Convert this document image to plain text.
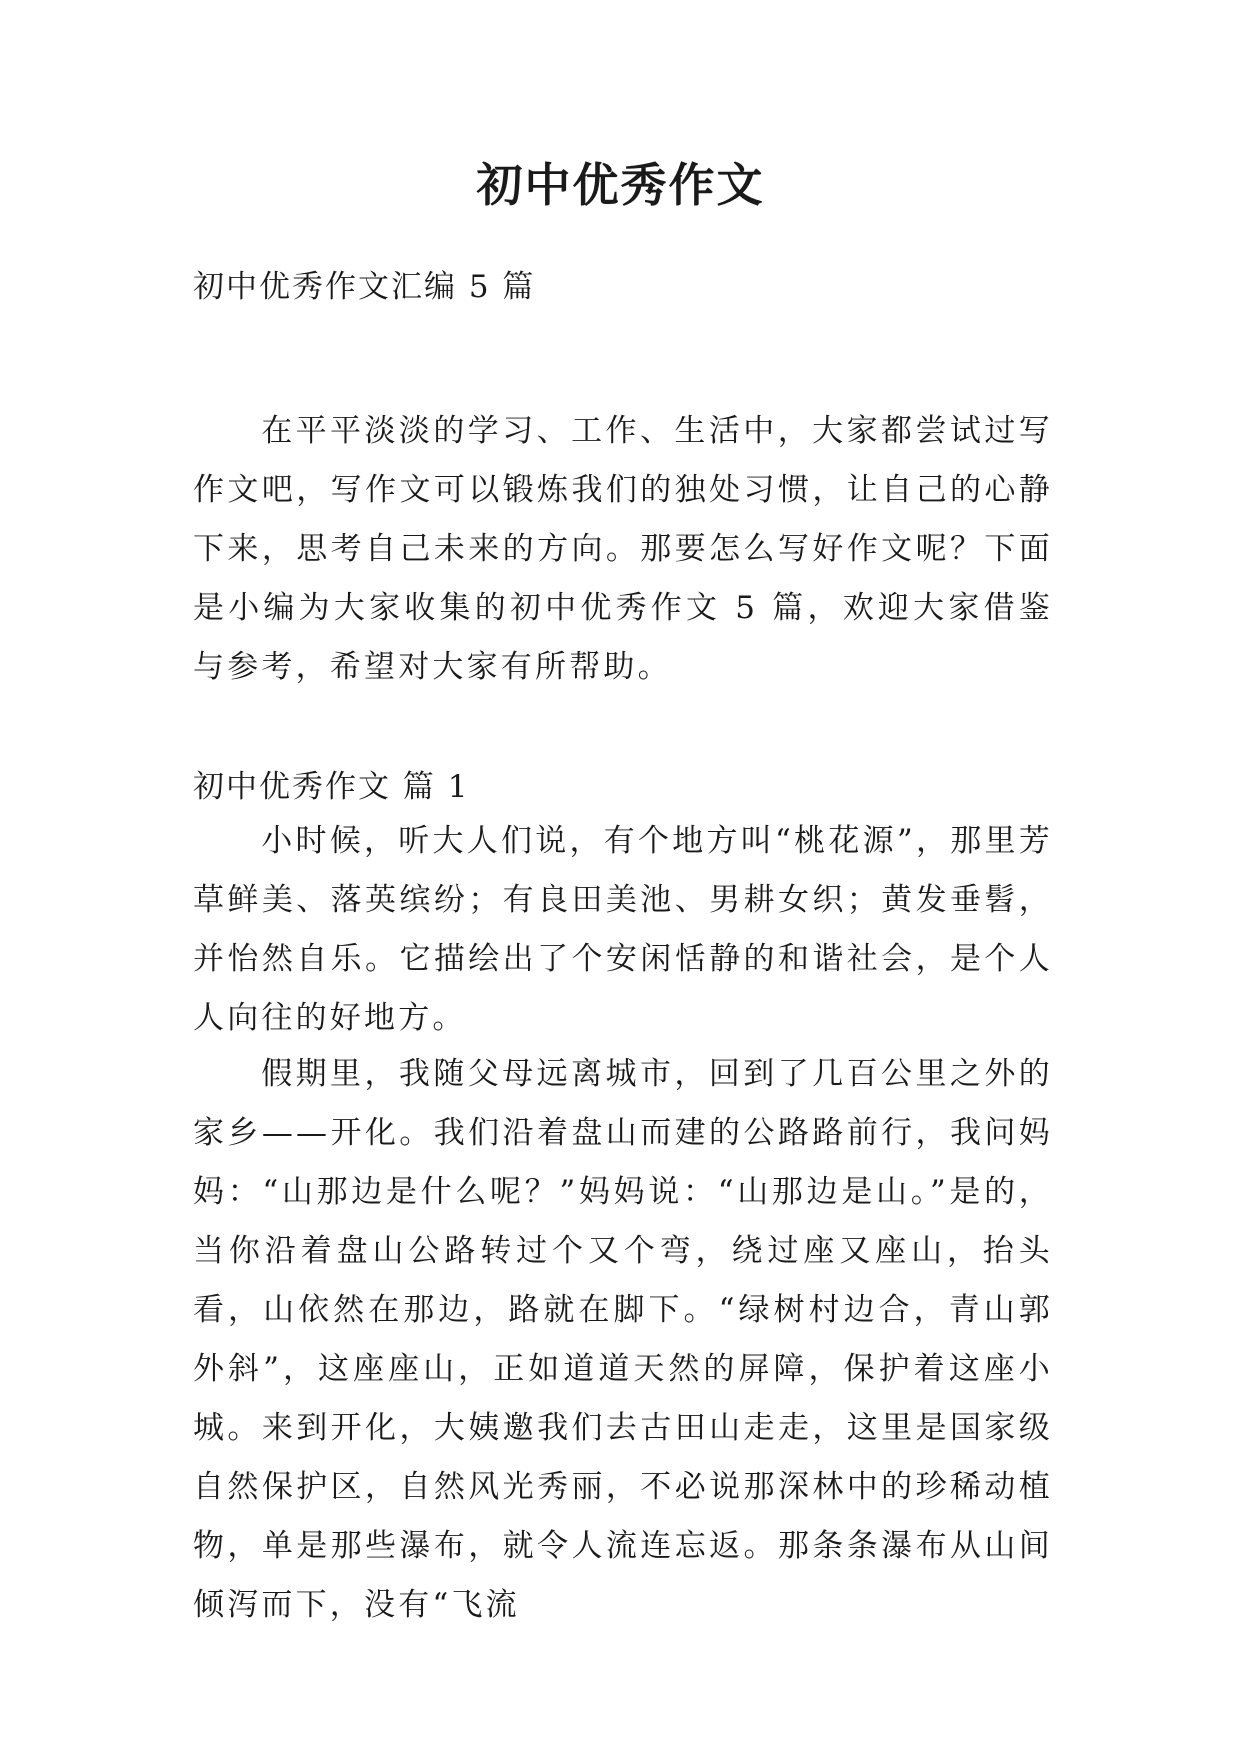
初中优秀作文

初中优秀作文汇编 5 篇

在平平淡淡的学习、工作、生活中，大家都尝试过写作文吧，写作文可以锻炼我们的独处习惯，让自己的心静下来，思考自己未来的方向。那要怎么写好作文呢？下面是小编为大家收集的初中优秀作文 5 篇，欢迎大家借鉴与参考，希望对大家有所帮助。

初中优秀作文 篇 1

小时候，听大人们说，有个地方叫“桃花源”，那里芳草鲜美、落英缤纷；有良田美池、男耕女织；黄发垂髫，并怡然自乐。它描绘出了个安闲恬静的和谐社会，是个人人向往的好地方。

假期里，我随父母远离城市，回到了几百公里之外的家乡——开化。我们沿着盘山而建的公路路前行，我问妈妈：“山那边是什么呢？”妈妈说：“山那边是山。”是的，当你沿着盘山公路转过个又个弯，绕过座又座山，抬头看，山依然在那边，路就在脚下。“绿树村边合，青山郭外斜”，这座座山，正如道道天然的屏障，保护着这座小城。来到开化，大姨邀我们去古田山走走，这里是国家级自然保护区，自然风光秀丽，不必说那深林中的珍稀动植物，单是那些瀑布，就令人流连忘返。那条条瀑布从山间倾泻而下，没有“飞流
